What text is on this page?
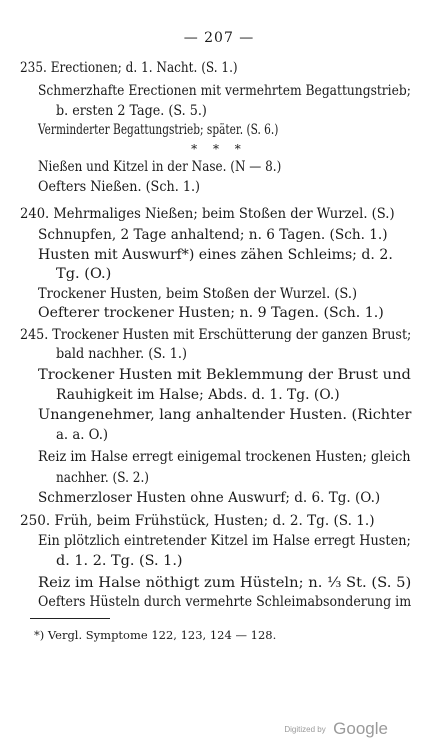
— 207 —
235. Erectionen; d. 1. Nacht. (S. 1.)
Schmerzhafte Erectionen mit vermehrtem Begattungstrieb;
b. ersten 2 Tage. (S. 5.)
Verminderter Begattungstrieb; später. (S. 6.)
* * *
Nießen und Kitzel in der Nase. (N — 8.)
Oefters Nießen. (Sch. 1.)
240. Mehrmaliges Nießen; beim Stoßen der Wurzel. (S.)
Schnupfen, 2 Tage anhaltend; n. 6 Tagen. (Sch. 1.)
Husten mit Auswurf*) eines zähen Schleims; d. 2.
Tg. (O.)
Trockener Husten, beim Stoßen der Wurzel. (S.)
Oefterer trockener Husten; n. 9 Tagen. (Sch. 1.)
245. Trockener Husten mit Erschütterung der ganzen Brust;
bald nachher. (S. 1.)
Trockener Husten mit Beklemmung der Brust und
Rauhigkeit im Halse; Abds. d. 1. Tg. (O.)
Unangenehmer, lang anhaltender Husten. (Richter
a. a. O.)
Reiz im Halse erregt einigemal trockenen Husten; gleich
nachher. (S. 2.)
Schmerzloser Husten ohne Auswurf; d. 6. Tg. (O.)
250. Früh, beim Frühstück, Husten; d. 2. Tg. (S. 1.)
Ein plötzlich eintretender Kitzel im Halse erregt Husten;
d. 1. 2. Tg. (S. 1.)
Reiz im Halse nöthigt zum Hüsteln; n. ⅓ St. (S. 5)
Oefters Hüsteln durch vermehrte Schleimabsonderung im
*) Vergl. Symptome 122, 123, 124 — 128.
Digitized by Google
